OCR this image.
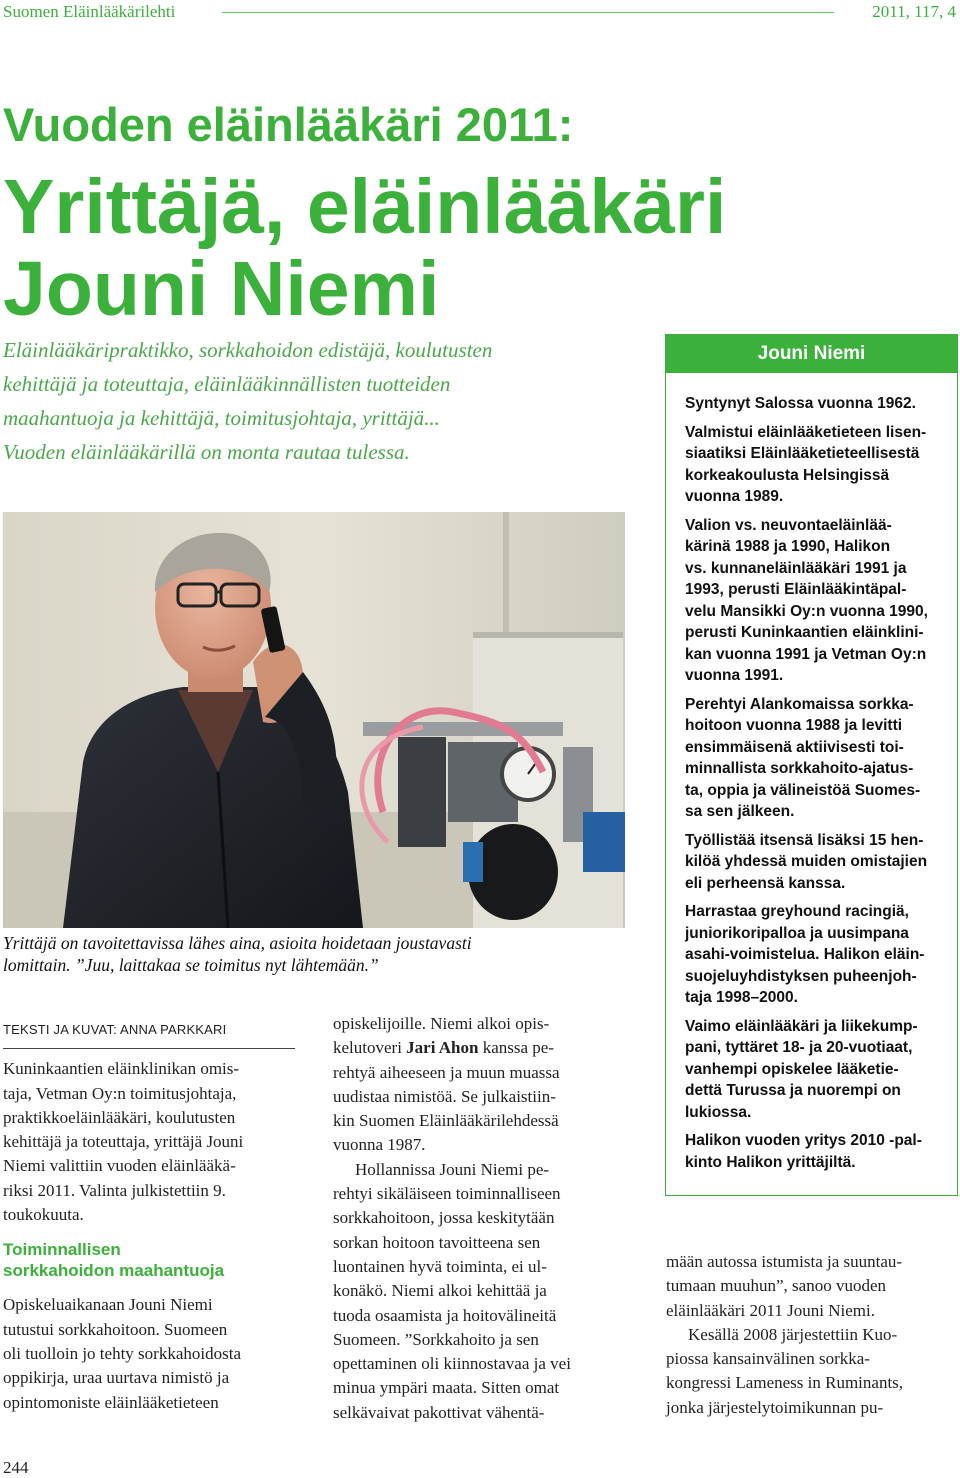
Suomen Eläinlääkärilehti	2011, 117, 4
Vuoden eläinlääkäri 2011:
Yrittäjä, eläinlääkäri
Jouni Niemi
Eläinlääkäripraktikko, sorkkahoidon edistäjä, koulutusten
kehittäjä ja toteuttaja, eläinlääkinnällisten tuotteiden
maahantuoja ja kehittäjä, toimitusjohtaja, yrittäjä...
Vuoden eläinlääkärillä on monta rautaa tulessa.
Yrittäjä on tavoitettavissa lähes aina, asioita hoidetaan joustavasti
lomittain. ”Juu, laittakaa se toimitus nyt lähtemään.”
TEKSTI JA KUVAT: ANNA PARKKARI
Kuninkaantien eläinklinikan omis-
taja, Vetman Oy:n toimitusjohtaja,
praktikkoeläinlääkäri, koulutusten
kehittäjä ja toteuttaja, yrittäjä Jouni
Niemi valittiin vuoden eläinlääkä-
riksi 2011. Valinta julkistettiin 9.
toukokuuta.
Toiminnallisen
sorkkahoidon maahantuoja
Opiskeluaikanaan Jouni Niemi
tutustui sorkkahoitoon. Suomeen
oli tuolloin jo tehty sorkkahoidosta
oppikirja, uraa uurtava nimistö ja
opintomoniste eläinlääketieteen
opiskelijoille. Niemi alkoi opis-
kelutoveri Jari Ahon kanssa pe-
rehtyä aiheeseen ja muun muassa
uudistaa nimistöä. Se julkaistiin-
kin Suomen Eläinlääkärilehdessä
vuonna 1987.
Hollannissa Jouni Niemi pe-
rehtyi sikäläiseen toiminnalliseen
sorkkahoitoon, jossa keskitytään
sorkan hoitoon tavoitteena sen
luontainen hyvä toiminta, ei ul-
konäkö. Niemi alkoi kehittää ja
tuoda osaamista ja hoitovälineitä
Suomeen. ”Sorkkahoito ja sen
opettaminen oli kiinnostavaa ja vei
minua ympäri maata. Sitten omat
selkävaivat pakottivat vähentä-
Jouni Niemi

Syntynyt Salossa vuonna 1962.

Valmistui eläinlääketieteen lisen-
siaatiksi Eläinlääketieteellisestä
korkeakoulusta Helsingissä
vuonna 1989.

Valion vs. neuvontaeläinlää-
kärinä 1988 ja 1990, Halikon
vs. kunnaneläinlääkäri 1991 ja
1993, perusti Eläinlääkintäpal-
velu Mansikki Oy:n vuonna 1990,
perusti Kuninkaantien eläinklini-
kan vuonna 1991 ja Vetman Oy:n
vuonna 1991.

Perehtyi Alankomaissa sorkka-
hoitoon vuonna 1988 ja levitti
ensimmäisenä aktiivisesti toi-
minnallista sorkkahoito-ajatus-
ta, oppia ja välineistöä Suomes-
sa sen jälkeen.

Työllistää itsensä lisäksi 15 hen-
kilöä yhdessä muiden omistajien
eli perheensä kanssa.

Harrastaa greyhound racingiä,
juniorikoripalloa ja uusimpana
asahi-voimistelua. Halikon eläin-
suojeluyhdistyksen puheenjoh-
taja 1998–2000.

Vaimo eläinlääkäri ja liikekump-
pani, tyttäret 18- ja 20-vuotiaat,
vanhempi opiskelee lääketie-
dettä Turussa ja nuorempi on
lukiossa.

Halikon vuoden yritys 2010 -pal-
kinto Halikon yrittäjiltä.

mään autossa istumista ja suuntau-
tumaan muuhun”, sanoo vuoden
eläinlääkäri 2011 Jouni Niemi.
Kesällä 2008 järjestettiin Kuo-
piossa kansainvälinen sorkka-
kongressi Lameness in Ruminants,
jonka järjestelytoimikunnan pu-
244
